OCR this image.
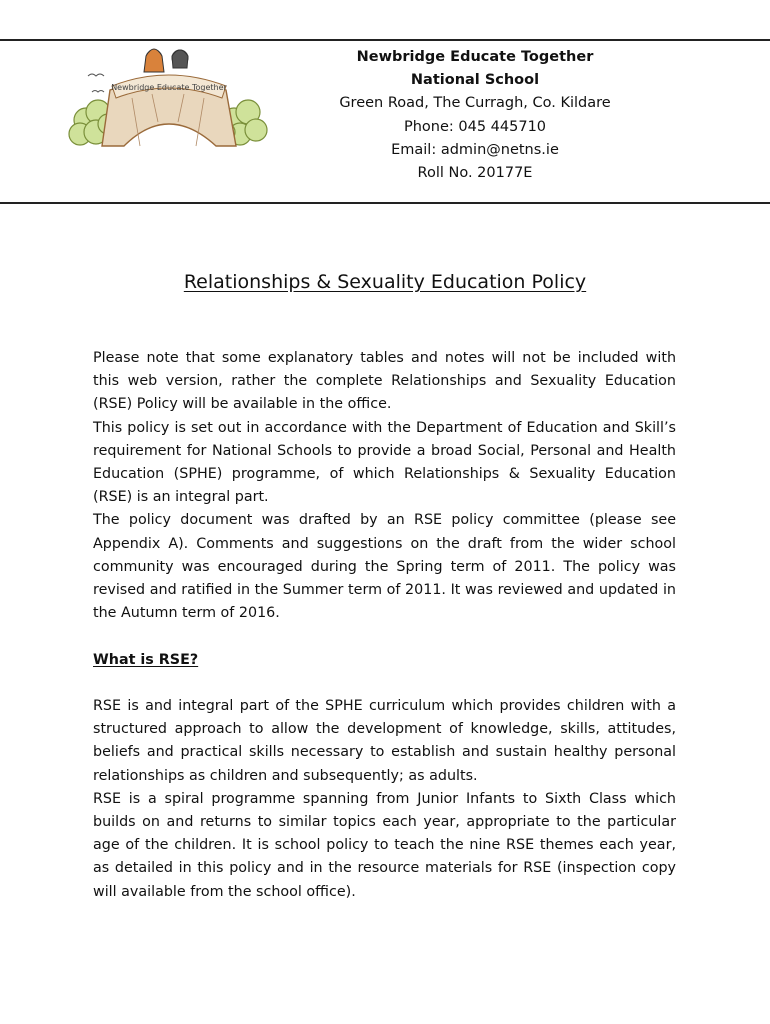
Newbridge Educate Together
Newbridge Educate Together
National School
Green Road, The Curragh, Co. Kildare
Phone: 045 445710
Email: admin@netns.ie
Roll No. 20177E
Relationships & Sexuality Education Policy

Please note that some explanatory tables and notes will not be included with this web version, rather the complete Relationships and Sexuality Education (RSE) Policy will be available in the office.

This policy is set out in accordance with the Department of Education and Skill’s requirement for National Schools to provide a broad Social, Personal and Health Education (SPHE) programme, of which Relationships & Sexuality Education (RSE) is an integral part.

The policy document was drafted by an RSE policy committee (please see Appendix A). Comments and suggestions on the draft from the wider school community was encouraged during the Spring term of 2011. The policy was revised and ratified in the Summer term of 2011. It was reviewed and updated in the Autumn term of 2016.

What is RSE?

RSE is and integral part of the SPHE curriculum which provides children with a structured approach to allow the development of knowledge, skills, attitudes, beliefs and practical skills necessary to establish and sustain healthy personal relationships as children and subsequently; as adults.

RSE is a spiral programme spanning from Junior Infants to Sixth Class which builds on and returns to similar topics each year, appropriate to the particular age of the children. It is school policy to teach the nine RSE themes each year, as detailed in this policy and in the resource materials for RSE (inspection copy will available from the school office).
